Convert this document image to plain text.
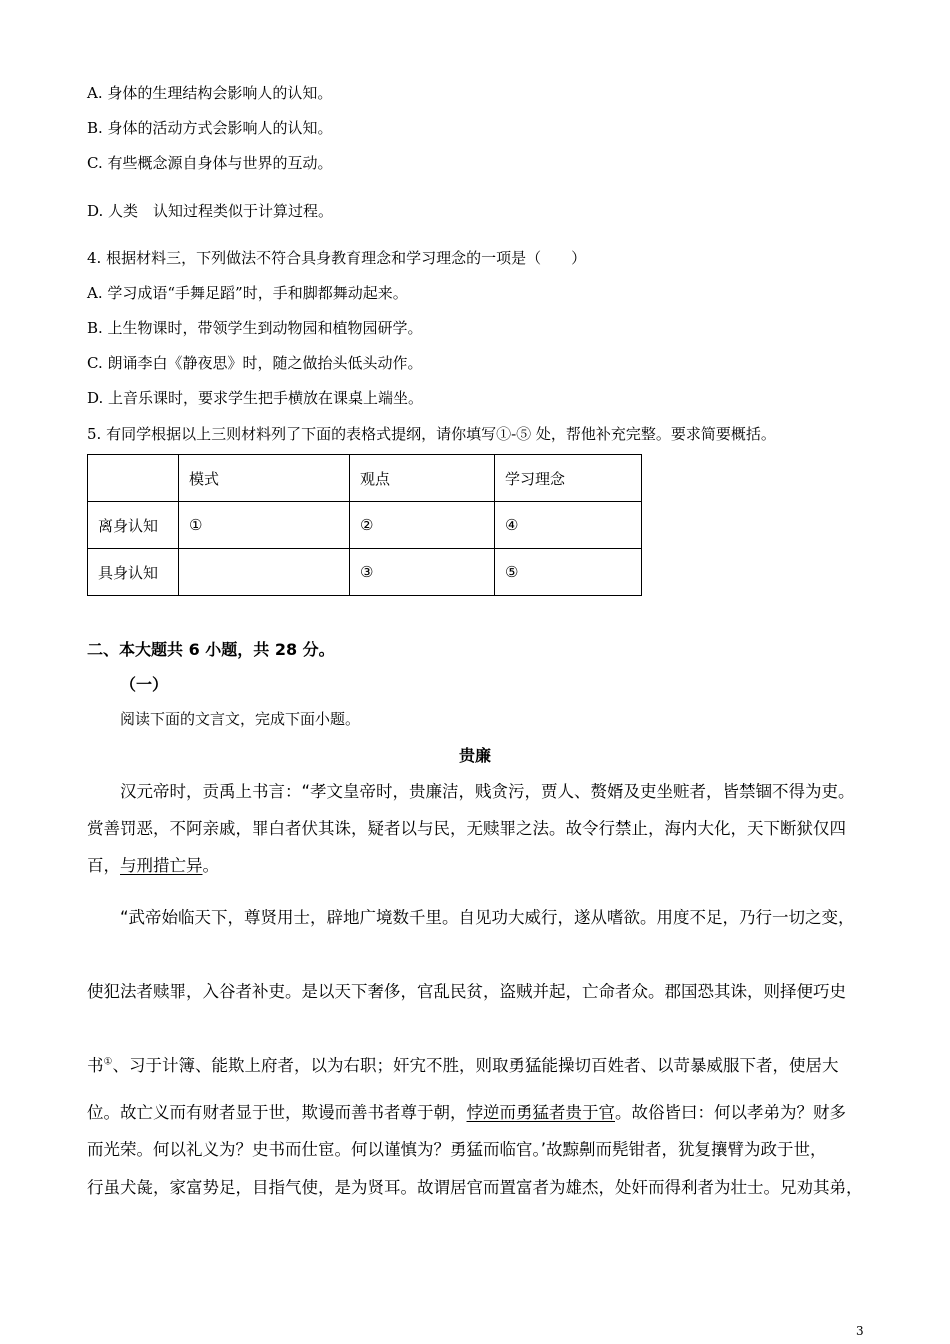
A. 身体的生理结构会影响人的认知。
B. 身体的活动方式会影响人的认知。
C. 有些概念源自身体与世界的互动。
D. 人类　认知过程类似于计算过程。
4. 根据材料三，下列做法不符合具身教育理念和学习理念的一项是（　　）
A. 学习成语“手舞足蹈”时，手和脚都舞动起来。
B. 上生物课时，带领学生到动物园和植物园研学。
C. 朗诵李白《静夜思》时，随之做抬头低头动作。
D. 上音乐课时，要求学生把手横放在课桌上端坐。
5. 有同学根据以上三则材料列了下面的表格式提纲，请你填写①-⑤ 处，帮他补充完整。要求简要概括。
	模式	观点	学习理念
离身认知	①	②	④
具身认知		③	⑤
二、本大题共 6 小题，共 28 分。
（一）
阅读下面的文言文，完成下面小题。
贵廉
　　汉元帝时，贡禹上书言：“孝文皇帝时，贵廉洁，贱贪污，贾人、赘婿及吏坐赃者，皆禁锢不得为吏。
赏善罚恶，不阿亲戚，罪白者伏其诛，疑者以与民，无赎罪之法。故令行禁止，海内大化，天下断狱仅四
百，与刑措亡异。
　　“武帝始临天下，尊贤用士，辟地广境数千里。自见功大威行，遂从嗜欲。用度不足，乃行一切之变，
使犯法者赎罪，入谷者补吏。是以天下奢侈，官乱民贫，盗贼并起，亡命者众。郡国恐其诛，则择便巧史
书①、习于计簿、能欺上府者，以为右职；奸宄不胜，则取勇猛能操切百姓者、以苛暴威服下者，使居大
位。故亡义而有财者显于世，欺谩而善书者尊于朝，悖逆而勇猛者贵于官。故俗皆曰：何以孝弟为？财多
而光荣。何以礼义为？史书而仕宦。何以谨慎为？勇猛而临官。’故黥劓而髡钳者，犹复攘臂为政于世，
行虽犬彘，家富势足，目指气使，是为贤耳。故谓居官而置富者为雄杰，处奸而得利者为壮士。兄劝其弟，
3
